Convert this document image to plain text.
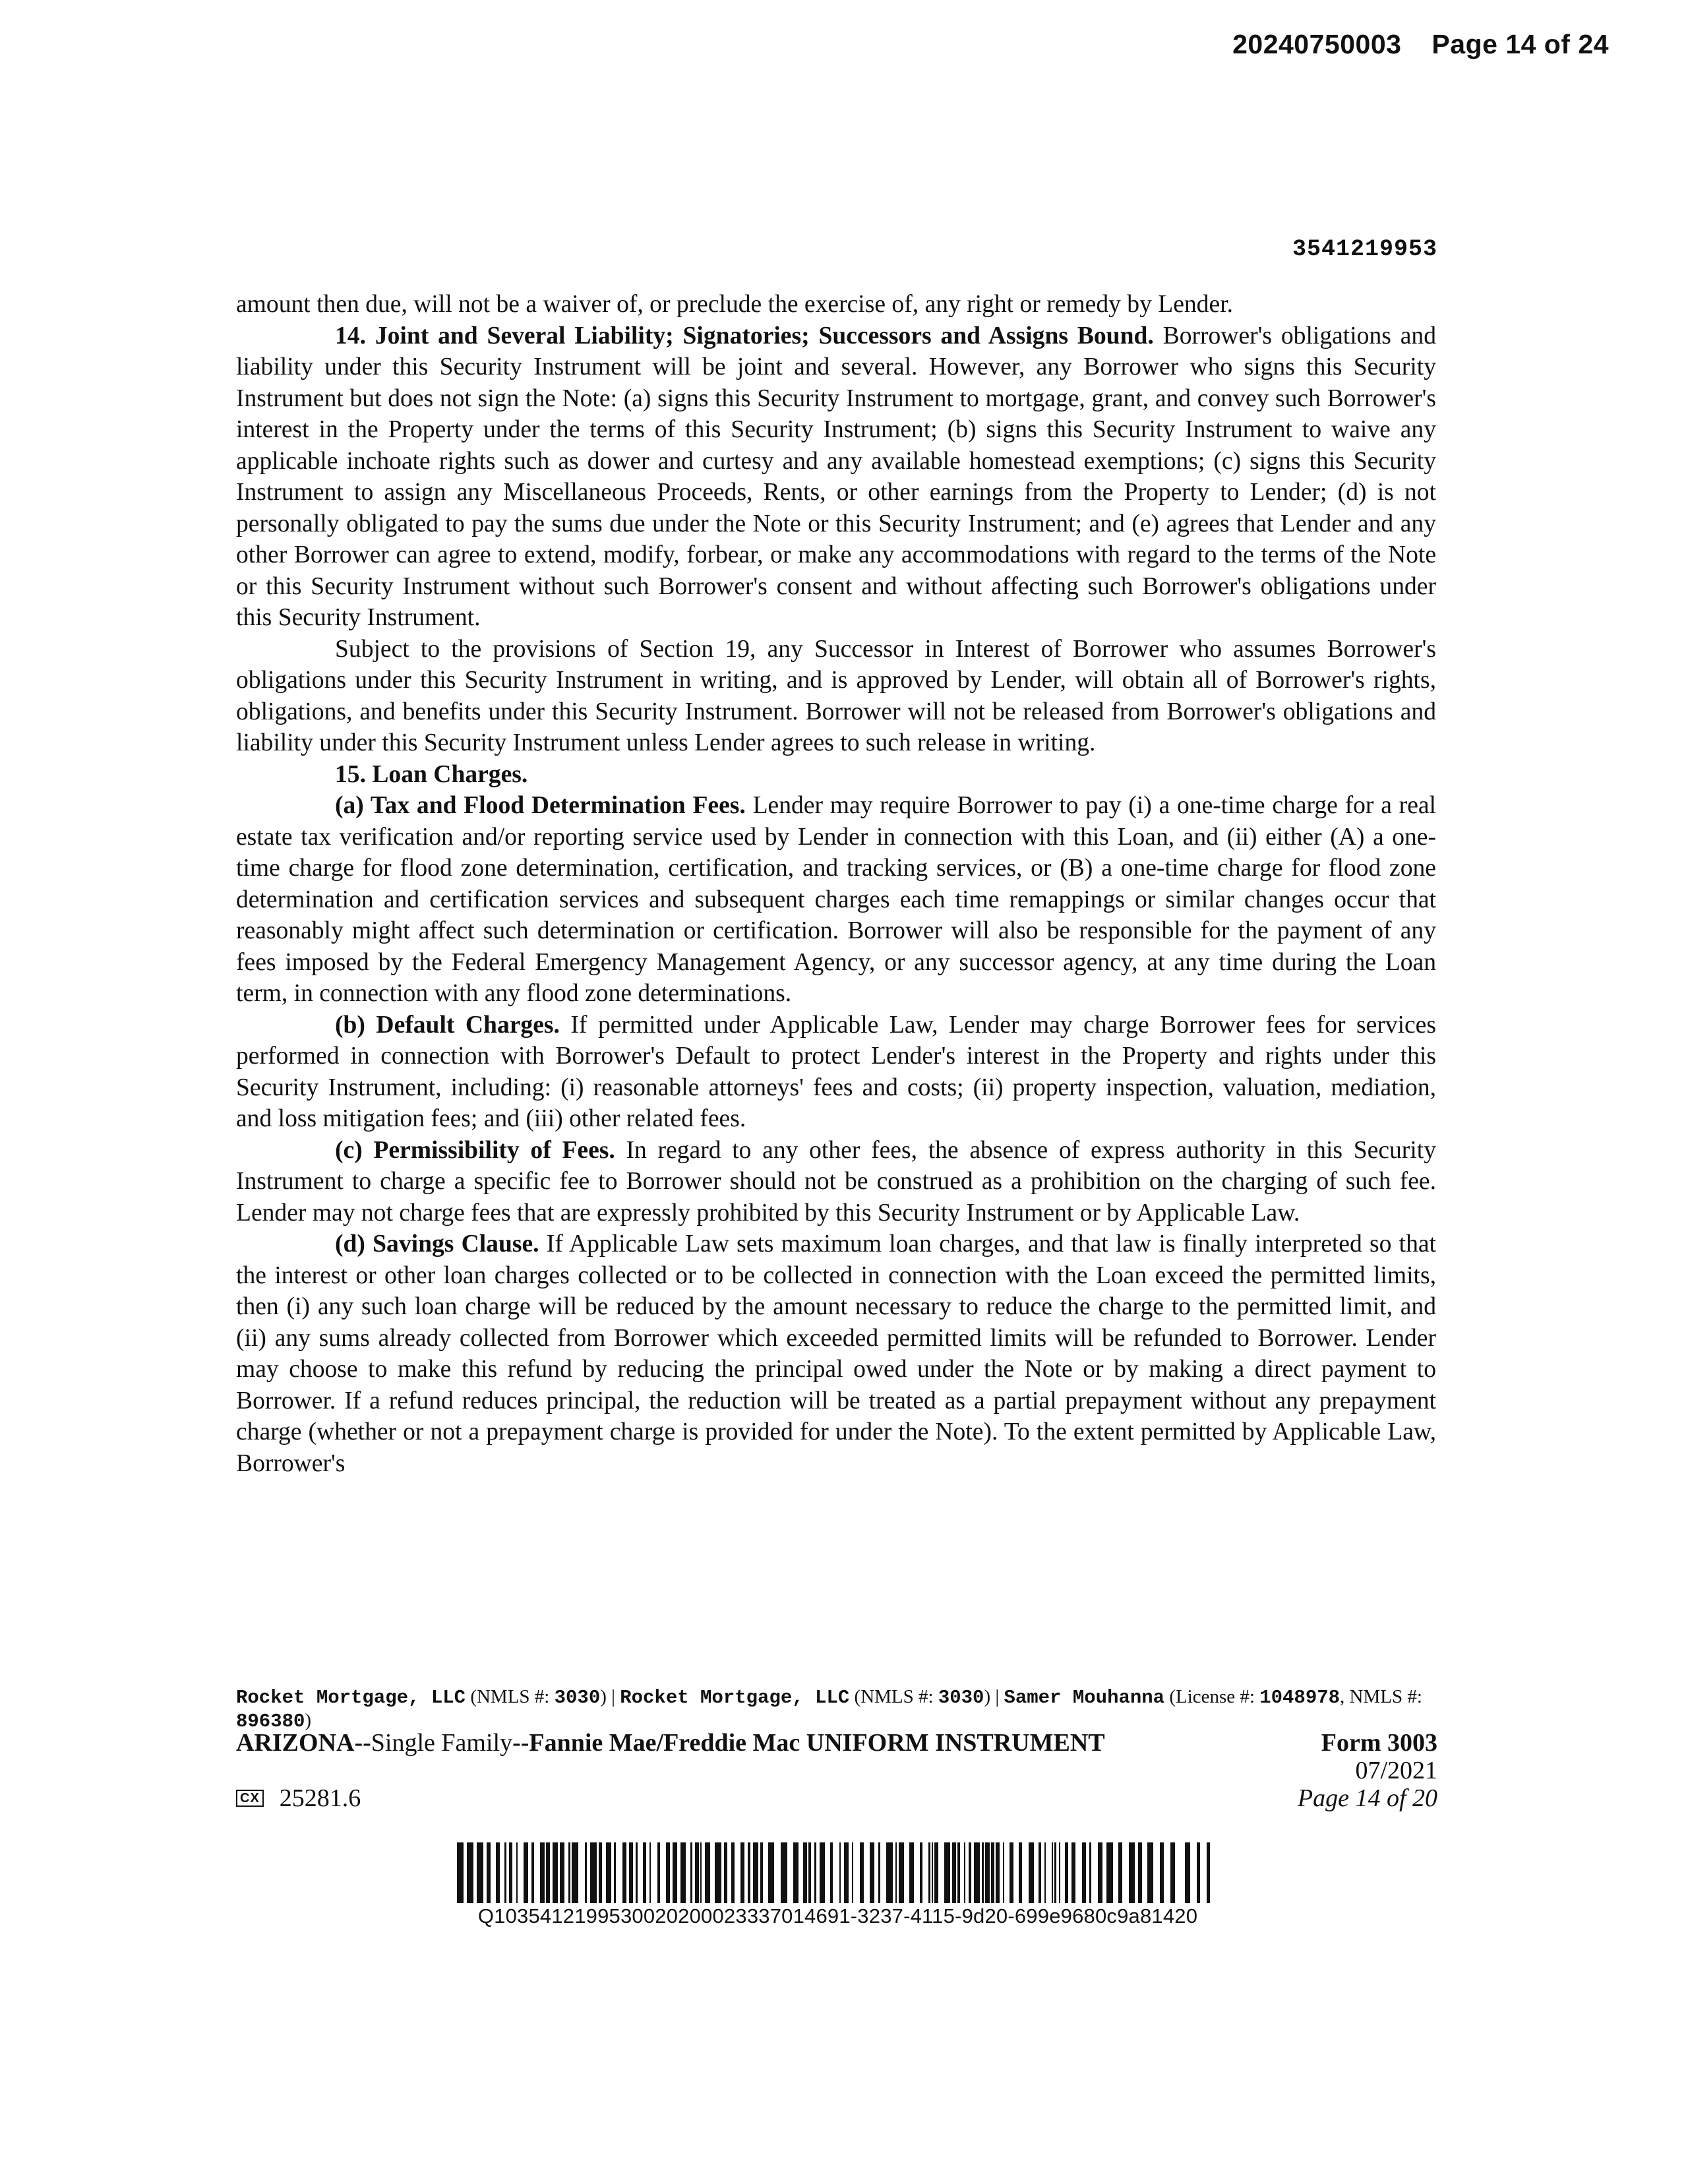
20240750003 Page 14 of 24
3541219953

amount then due, will not be a waiver of, or preclude the exercise of, any right or remedy by Lender.

14. Joint and Several Liability; Signatories; Successors and Assigns Bound. Borrower's obligations and liability under this Security Instrument will be joint and several. However, any Borrower who signs this Security Instrument but does not sign the Note: (a) signs this Security Instrument to mortgage, grant, and convey such Borrower's interest in the Property under the terms of this Security Instrument; (b) signs this Security Instrument to waive any applicable inchoate rights such as dower and curtesy and any available homestead exemptions; (c) signs this Security Instrument to assign any Miscellaneous Proceeds, Rents, or other earnings from the Property to Lender; (d) is not personally obligated to pay the sums due under the Note or this Security Instrument; and (e) agrees that Lender and any other Borrower can agree to extend, modify, forbear, or make any accommodations with regard to the terms of the Note or this Security Instrument without such Borrower's consent and without affecting such Borrower's obligations under this Security Instrument.

Subject to the provisions of Section 19, any Successor in Interest of Borrower who assumes Borrower's obligations under this Security Instrument in writing, and is approved by Lender, will obtain all of Borrower's rights, obligations, and benefits under this Security Instrument. Borrower will not be released from Borrower's obligations and liability under this Security Instrument unless Lender agrees to such release in writing.

15. Loan Charges.

(a) Tax and Flood Determination Fees. Lender may require Borrower to pay (i) a one-time charge for a real estate tax verification and/or reporting service used by Lender in connection with this Loan, and (ii) either (A) a one-time charge for flood zone determination, certification, and tracking services, or (B) a one-time charge for flood zone determination and certification services and subsequent charges each time remappings or similar changes occur that reasonably might affect such determination or certification. Borrower will also be responsible for the payment of any fees imposed by the Federal Emergency Management Agency, or any successor agency, at any time during the Loan term, in connection with any flood zone determinations.

(b) Default Charges. If permitted under Applicable Law, Lender may charge Borrower fees for services performed in connection with Borrower's Default to protect Lender's interest in the Property and rights under this Security Instrument, including: (i) reasonable attorneys' fees and costs; (ii) property inspection, valuation, mediation, and loss mitigation fees; and (iii) other related fees.

(c) Permissibility of Fees. In regard to any other fees, the absence of express authority in this Security Instrument to charge a specific fee to Borrower should not be construed as a prohibition on the charging of such fee. Lender may not charge fees that are expressly prohibited by this Security Instrument or by Applicable Law.

(d) Savings Clause. If Applicable Law sets maximum loan charges, and that law is finally interpreted so that the interest or other loan charges collected or to be collected in connection with the Loan exceed the permitted limits, then (i) any such loan charge will be reduced by the amount necessary to reduce the charge to the permitted limit, and (ii) any sums already collected from Borrower which exceeded permitted limits will be refunded to Borrower. Lender may choose to make this refund by reducing the principal owed under the Note or by making a direct payment to Borrower. If a refund reduces principal, the reduction will be treated as a partial prepayment without any prepayment charge (whether or not a prepayment charge is provided for under the Note). To the extent permitted by Applicable Law, Borrower's

Rocket Mortgage, LLC (NMLS #: 3030) | Rocket Mortgage, LLC (NMLS #: 3030) | Samer Mouhanna (License #: 1048978, NMLS #: 896380)
ARIZONA--Single Family--Fannie Mae/Freddie Mac UNIFORM INSTRUMENT	Form 3003
07/2021
Page 14 of 20
CX 25281.6
Q10354121995300202000233370146​91-3237-4115-9d20-699e9680c9a81420
